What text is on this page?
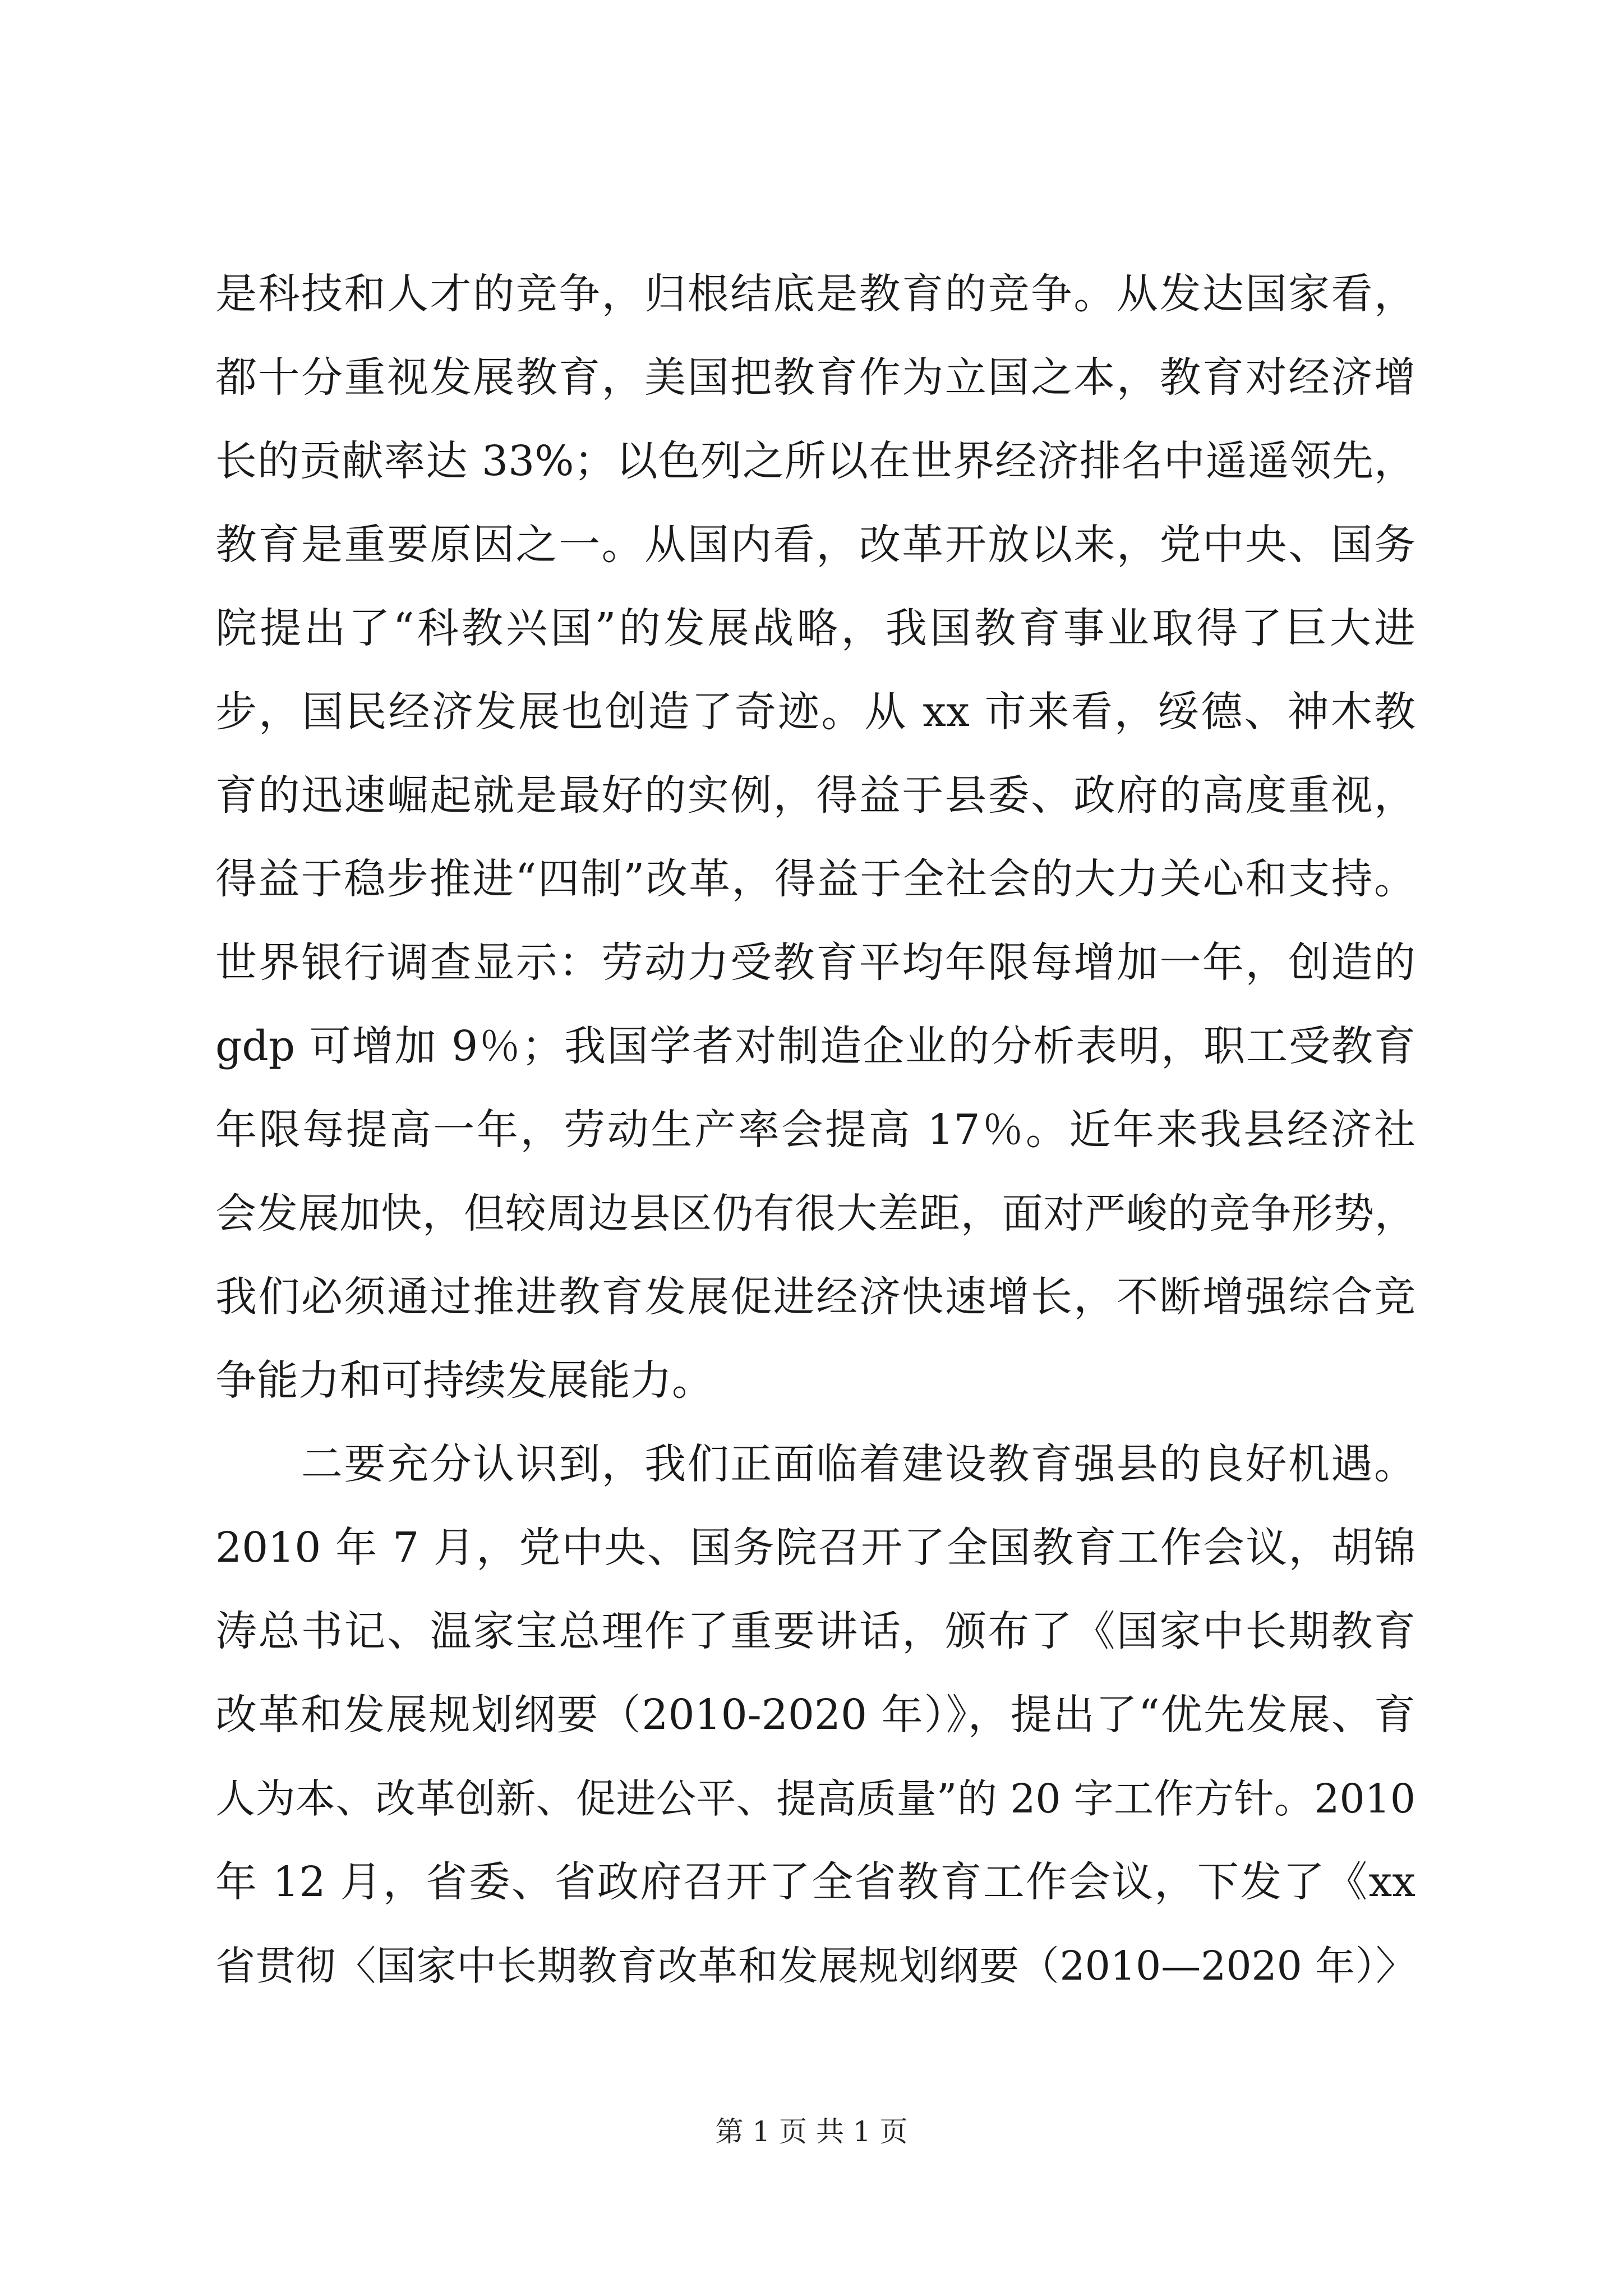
是科技和人才的竞争，归根结底是教育的竞争。从发达国家看，
都十分重视发展教育，美国把教育作为立国之本，教育对经济增
长的贡献率达 33%；以色列之所以在世界经济排名中遥遥领先，
教育是重要原因之一。从国内看，改革开放以来，党中央、国务
院提出了“科教兴国”的发展战略，我国教育事业取得了巨大进
步，国民经济发展也创造了奇迹。从 xx 市来看，绥德、神木教
育的迅速崛起就是最好的实例，得益于县委、政府的高度重视，
得益于稳步推进“四制”改革，得益于全社会的大力关心和支持。
世界银行调查显示：劳动力受教育平均年限每增加一年，创造的
gdp 可增加 9％；我国学者对制造企业的分析表明，职工受教育
年限每提高一年，劳动生产率会提高 17％。近年来我县经济社
会发展加快，但较周边县区仍有很大差距，面对严峻的竞争形势，
我们必须通过推进教育发展促进经济快速增长，不断增强综合竞
争能力和可持续发展能力。
　　二要充分认识到，我们正面临着建设教育强县的良好机遇。
2010 年 7 月，党中央、国务院召开了全国教育工作会议，胡锦
涛总书记、温家宝总理作了重要讲话，颁布了《国家中长期教育
改革和发展规划纲要（2010-2020 年）》，提出了“优先发展、育
人为本、改革创新、促进公平、提高质量”的 20 字工作方针。2010
年 12 月，省委、省政府召开了全省教育工作会议，下发了《xx
省贯彻〈国家中长期教育改革和发展规划纲要（2010—2020 年）〉
第 1 页 共 1 页
